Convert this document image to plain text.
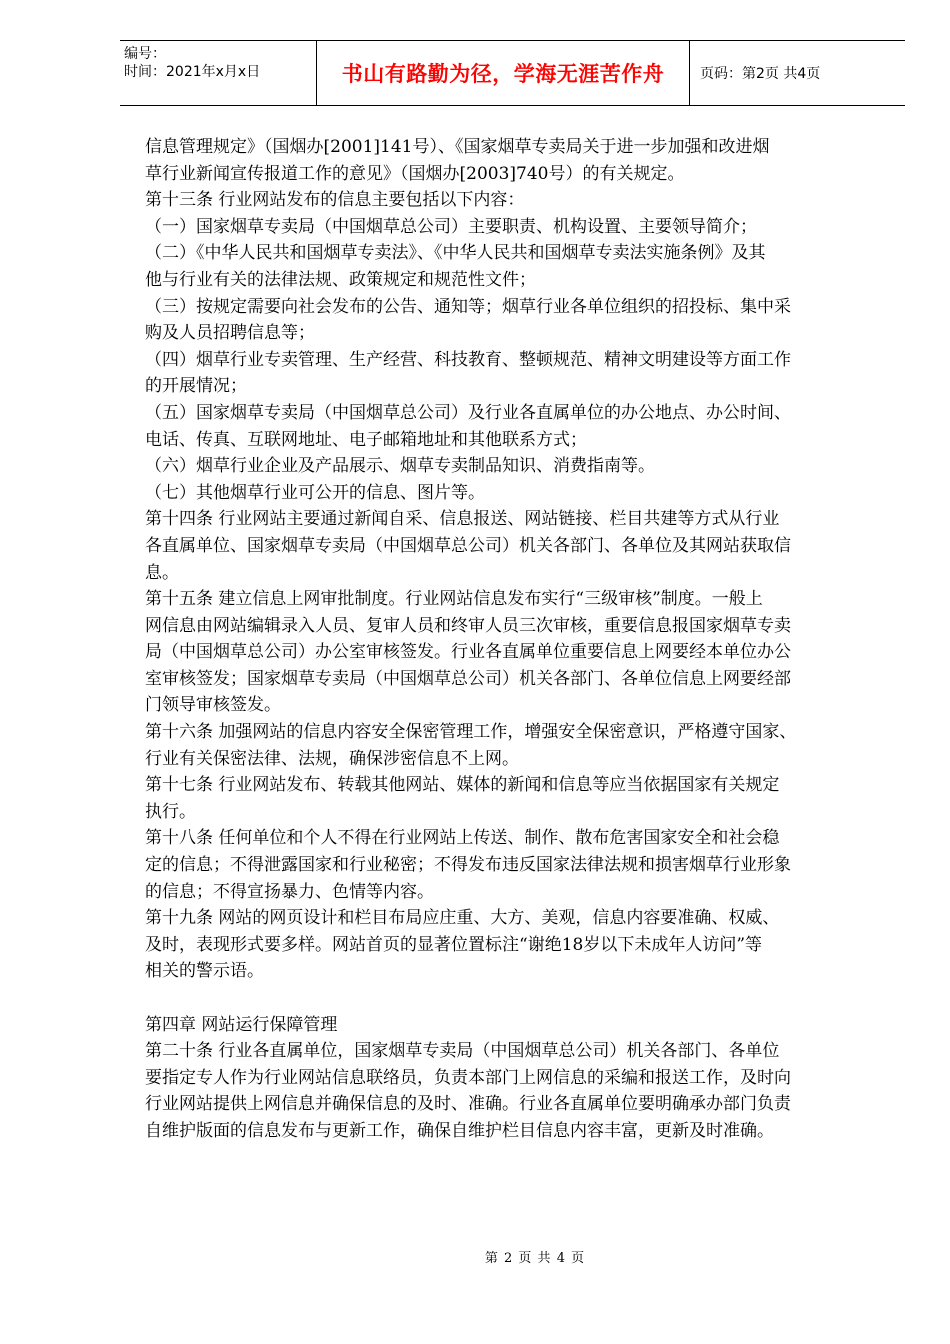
编号：
时间：2021年x月x日	书山有路勤为径，学海无涯苦作舟	页码：第2页 共4页

信息管理规定》（国烟办[2001]141号）、《国家烟草专卖局关于进一步加强和改进烟

草行业新闻宣传报道工作的意见》（国烟办[2003]740号）的有关规定。

第十三条 行业网站发布的信息主要包括以下内容：

（一）国家烟草专卖局（中国烟草总公司）主要职责、机构设置、主要领导简介；

（二）《中华人民共和国烟草专卖法》、《中华人民共和国烟草专卖法实施条例》及其

他与行业有关的法律法规、政策规定和规范性文件；

（三）按规定需要向社会发布的公告、通知等；烟草行业各单位组织的招投标、集中采

购及人员招聘信息等；

（四）烟草行业专卖管理、生产经营、科技教育、整顿规范、精神文明建设等方面工作

的开展情况；

（五）国家烟草专卖局（中国烟草总公司）及行业各直属单位的办公地点、办公时间、

电话、传真、互联网地址、电子邮箱地址和其他联系方式；

（六）烟草行业企业及产品展示、烟草专卖制品知识、消费指南等。

（七）其他烟草行业可公开的信息、图片等。

第十四条 行业网站主要通过新闻自采、信息报送、网站链接、栏目共建等方式从行业

各直属单位、国家烟草专卖局（中国烟草总公司）机关各部门、各单位及其网站获取信

息。

第十五条 建立信息上网审批制度。行业网站信息发布实行“三级审核”制度。一般上

网信息由网站编辑录入人员、复审人员和终审人员三次审核，重要信息报国家烟草专卖

局（中国烟草总公司）办公室审核签发。行业各直属单位重要信息上网要经本单位办公

室审核签发；国家烟草专卖局（中国烟草总公司）机关各部门、各单位信息上网要经部

门领导审核签发。

第十六条 加强网站的信息内容安全保密管理工作，增强安全保密意识，严格遵守国家、

行业有关保密法律、法规，确保涉密信息不上网。

第十七条 行业网站发布、转载其他网站、媒体的新闻和信息等应当依据国家有关规定

执行。

第十八条 任何单位和个人不得在行业网站上传送、制作、散布危害国家安全和社会稳

定的信息；不得泄露国家和行业秘密；不得发布违反国家法律法规和损害烟草行业形象

的信息；不得宣扬暴力、色情等内容。

第十九条 网站的网页设计和栏目布局应庄重、大方、美观，信息内容要准确、权威、

及时，表现形式要多样。网站首页的显著位置标注“谢绝18岁以下未成年人访问”等

相关的警示语。

第四章 网站运行保障管理

第二十条 行业各直属单位，国家烟草专卖局（中国烟草总公司）机关各部门、各单位

要指定专人作为行业网站信息联络员，负责本部门上网信息的采编和报送工作，及时向

行业网站提供上网信息并确保信息的及时、准确。行业各直属单位要明确承办部门负责

自维护版面的信息发布与更新工作，确保自维护栏目信息内容丰富，更新及时准确。

第 2 页 共 4 页
